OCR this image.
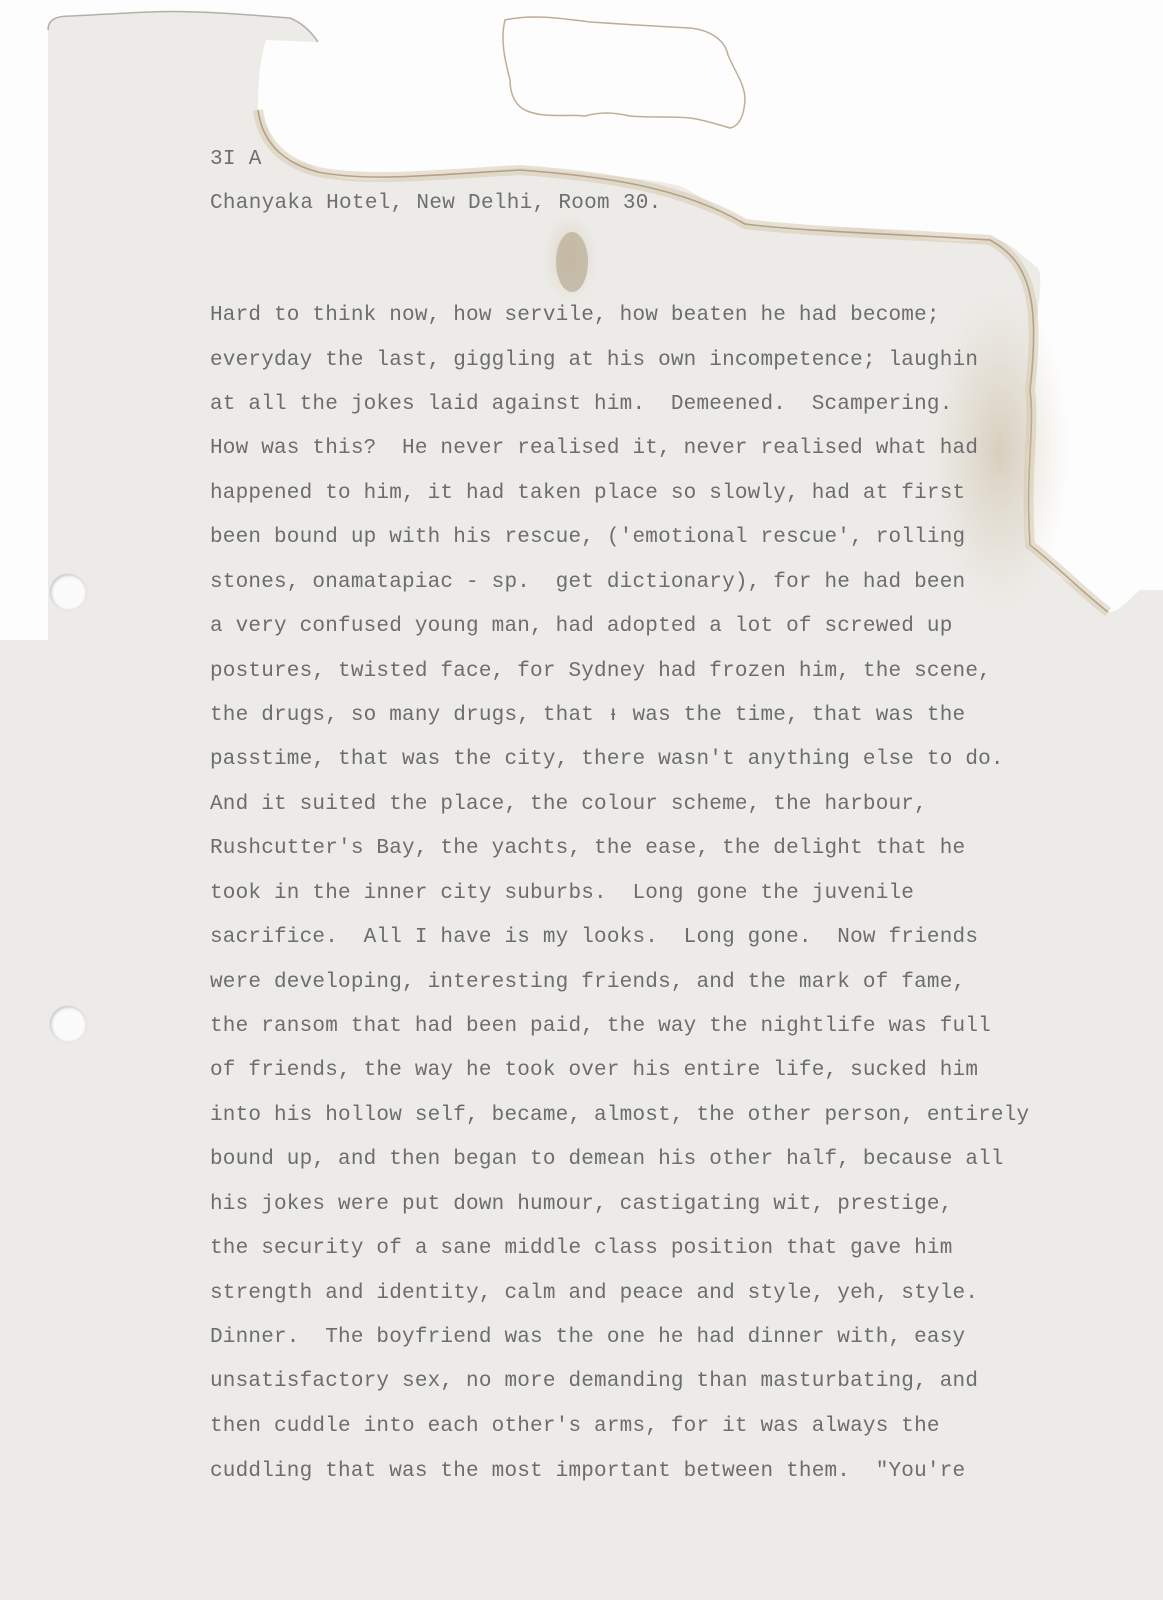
3I A

Chanyaka Hotel, New Delhi, Room 30.

Hard to think now, how servile, how beaten he had become;

everyday the last, giggling at his own incompetence; laughin

at all the jokes laid against him.  Demeened.  Scampering.

How was this?  He never realised it, never realised what had

happened to him, it had taken place so slowly, had at first

been bound up with his rescue, ('emotional rescue', rolling

stones, onamatapiac - sp.  get dictionary), for he had been

a very confused young man, had adopted a lot of screwed up

postures, twisted face, for Sydney had frozen him, the scene,

the drugs, so many drugs, that ᵻ was the time, that was the

passtime, that was the city, there wasn't anything else to do.

And it suited the place, the colour scheme, the harbour,

Rushcutter's Bay, the yachts, the ease, the delight that he

took in the inner city suburbs.  Long gone the juvenile

sacrifice.  All I have is my looks.  Long gone.  Now friends

were developing, interesting friends, and the mark of fame,

the ransom that had been paid, the way the nightlife was full

of friends, the way he took over his entire life, sucked him

into his hollow self, became, almost, the other person, entirely

bound up, and then began to demean his other half, because all

his jokes were put down humour, castigating wit, prestige,

the security of a sane middle class position that gave him

strength and identity, calm and peace and style, yeh, style.

Dinner.  The boyfriend was the one he had dinner with, easy

unsatisfactory sex, no more demanding than masturbating, and

then cuddle into each other's arms, for it was always the

cuddling that was the most important between them.  "You're
